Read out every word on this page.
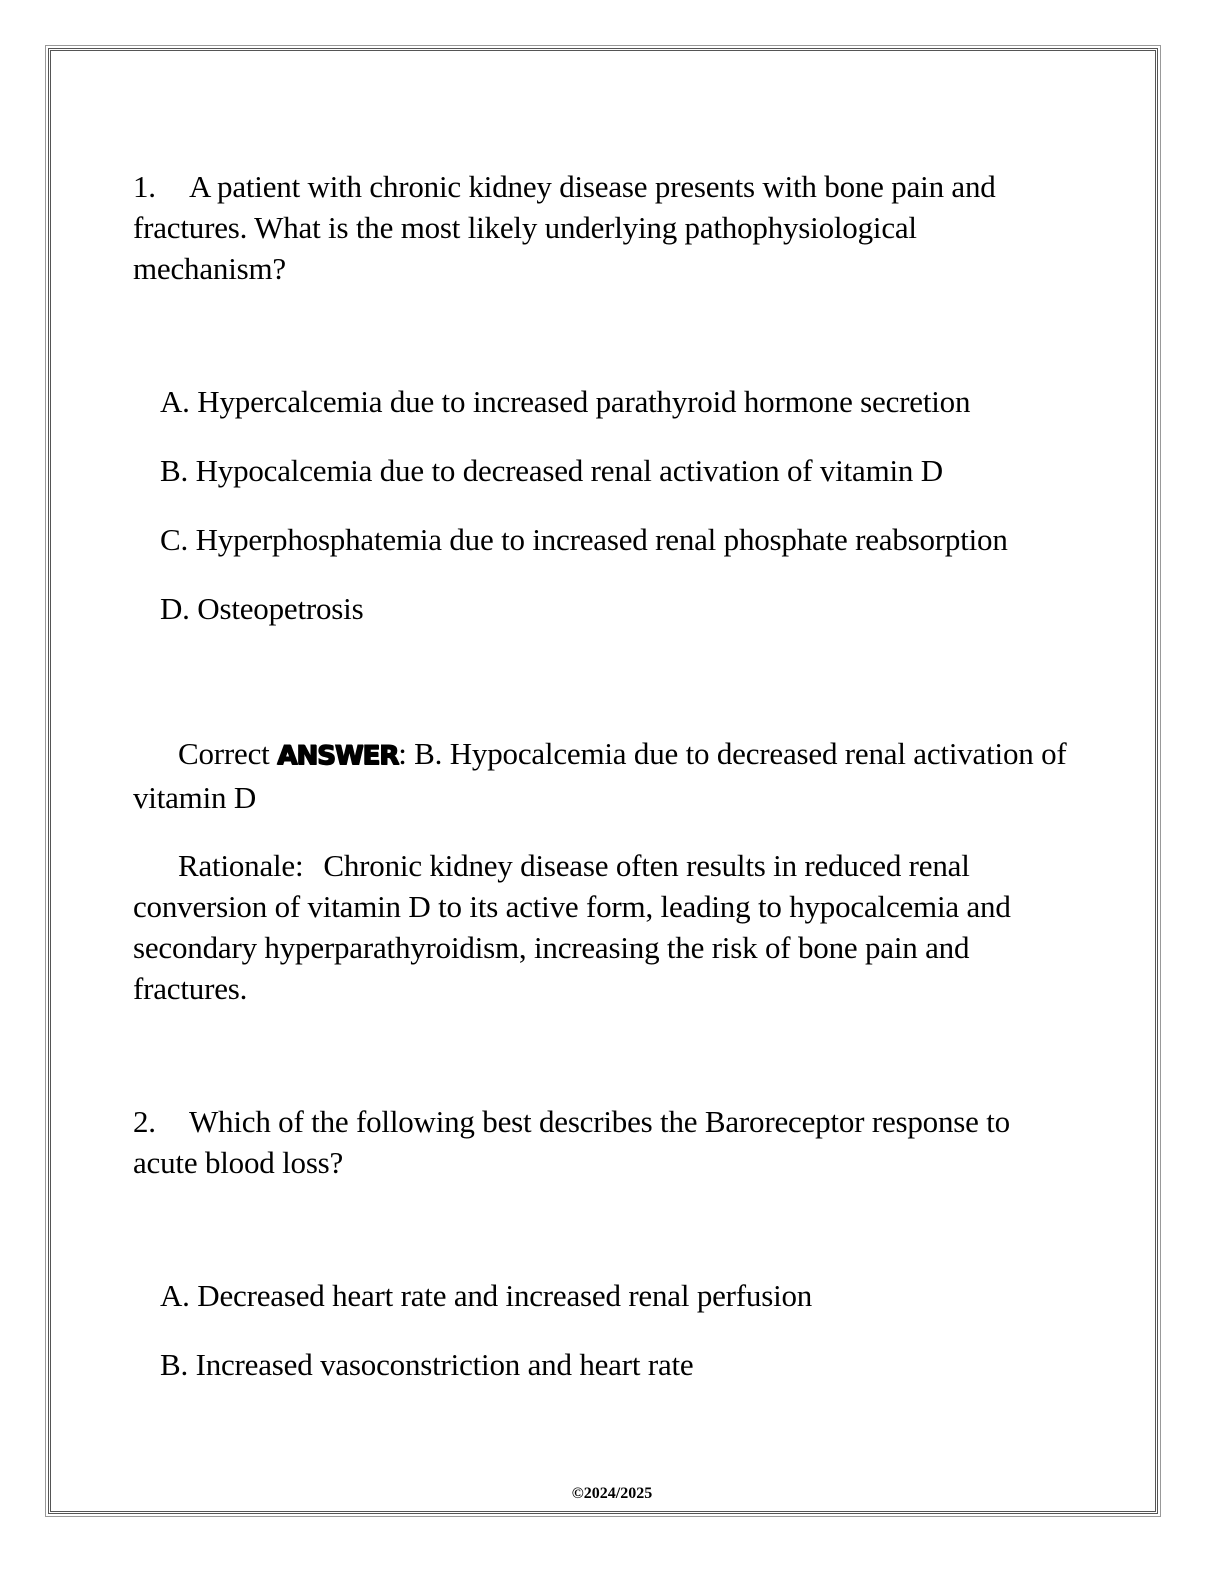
1. A patient with chronic kidney disease presents with bone pain and fractures. What is the most likely underlying pathophysiological mechanism?

A. Hypercalcemia due to increased parathyroid hormone secretion

B. Hypocalcemia due to decreased renal activation of vitamin D

C. Hyperphosphatemia due to increased renal phosphate reabsorption

D. Osteopetrosis

Correct ANSWER: B. Hypocalcemia due to decreased renal activation of vitamin D

Rationale: Chronic kidney disease often results in reduced renal conversion of vitamin D to its active form, leading to hypocalcemia and secondary hyperparathyroidism, increasing the risk of bone pain and fractures.

2. Which of the following best describes the Baroreceptor response to acute blood loss?

A. Decreased heart rate and increased renal perfusion

B. Increased vasoconstriction and heart rate

©2024/2025
